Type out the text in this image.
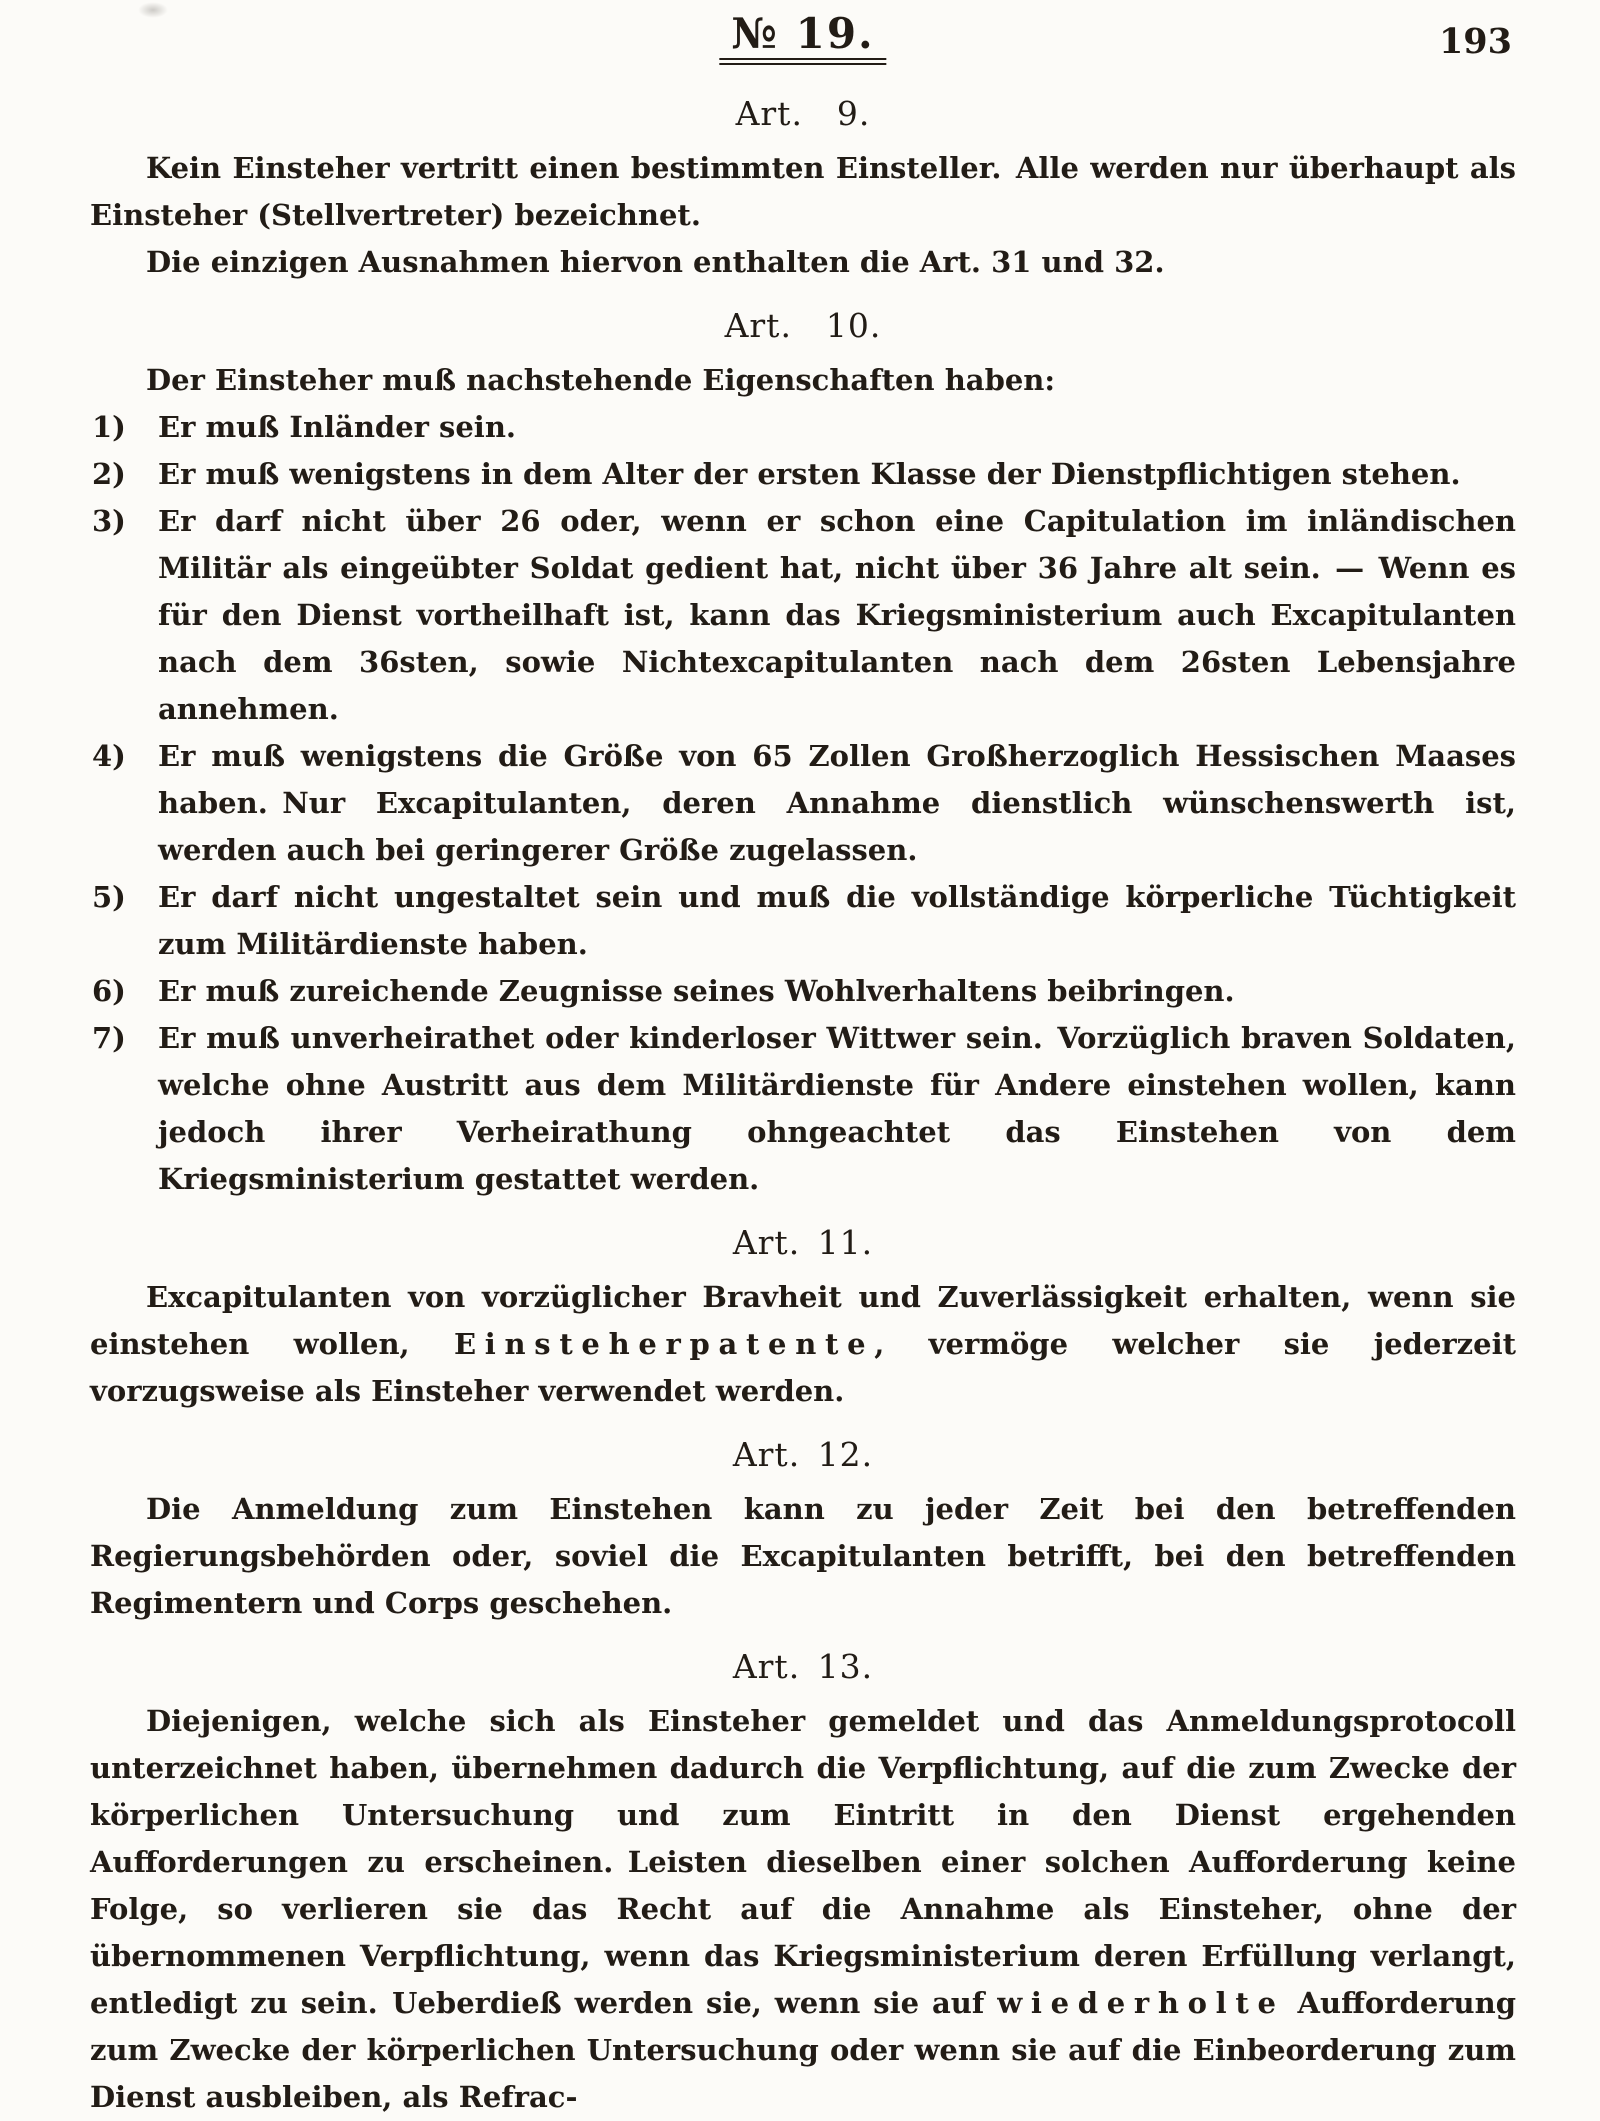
№ 19.	193
Art. 9.

Kein Einsteher vertritt einen bestimmten Einsteller. Alle werden nur überhaupt als Einsteher (Stellvertreter) bezeichnet.

Die einzigen Ausnahmen hiervon enthalten die Art. 31 und 32.

Art. 10.

Der Einsteher muß nachstehende Eigenschaften haben:

1) Er muß Inländer sein.
2) Er muß wenigstens in dem Alter der ersten Klasse der Dienstpflichtigen stehen.
3) Er darf nicht über 26 oder, wenn er schon eine Capitulation im inländischen Militär als eingeübter Soldat gedient hat, nicht über 36 Jahre alt sein. — Wenn es für den Dienst vortheilhaft ist, kann das Kriegsministerium auch Excapitulanten nach dem 36sten, sowie Nichtexcapitulanten nach dem 26sten Lebensjahre annehmen.
4) Er muß wenigstens die Größe von 65 Zollen Großherzoglich Hessischen Maases haben. Nur Excapitulanten, deren Annahme dienstlich wünschenswerth ist, werden auch bei geringerer Größe zugelassen.
5) Er darf nicht ungestaltet sein und muß die vollständige körperliche Tüchtigkeit zum Militärdienste haben.
6) Er muß zureichende Zeugnisse seines Wohlverhaltens beibringen.
7) Er muß unverheirathet oder kinderloser Wittwer sein. Vorzüglich braven Soldaten, welche ohne Austritt aus dem Militärdienste für Andere einstehen wollen, kann jedoch ihrer Verheirathung ohngeachtet das Einstehen von dem Kriegsministerium gestattet werden.
Art. 11.

Excapitulanten von vorzüglicher Bravheit und Zuverlässigkeit erhalten, wenn sie einstehen wollen, Einsteherpatente, vermöge welcher sie jederzeit vorzugsweise als Einsteher verwendet werden.

Art. 12.

Die Anmeldung zum Einstehen kann zu jeder Zeit bei den betreffenden Regierungsbehörden oder, soviel die Excapitulanten betrifft, bei den betreffenden Regimentern und Corps geschehen.

Art. 13.

Diejenigen, welche sich als Einsteher gemeldet und das Anmeldungsprotocoll unterzeichnet haben, übernehmen dadurch die Verpflichtung, auf die zum Zwecke der körperlichen Untersuchung und zum Eintritt in den Dienst ergehenden Aufforderungen zu erscheinen. Leisten dieselben einer solchen Aufforderung keine Folge, so verlieren sie das Recht auf die Annahme als Einsteher, ohne der übernommenen Verpflichtung, wenn das Kriegsministerium deren Erfüllung verlangt, entledigt zu sein. Ueberdieß werden sie, wenn sie auf wiederholte Aufforderung zum Zwecke der körperlichen Untersuchung oder wenn sie auf die Einbeorderung zum Dienst ausbleiben, als Refrac-
